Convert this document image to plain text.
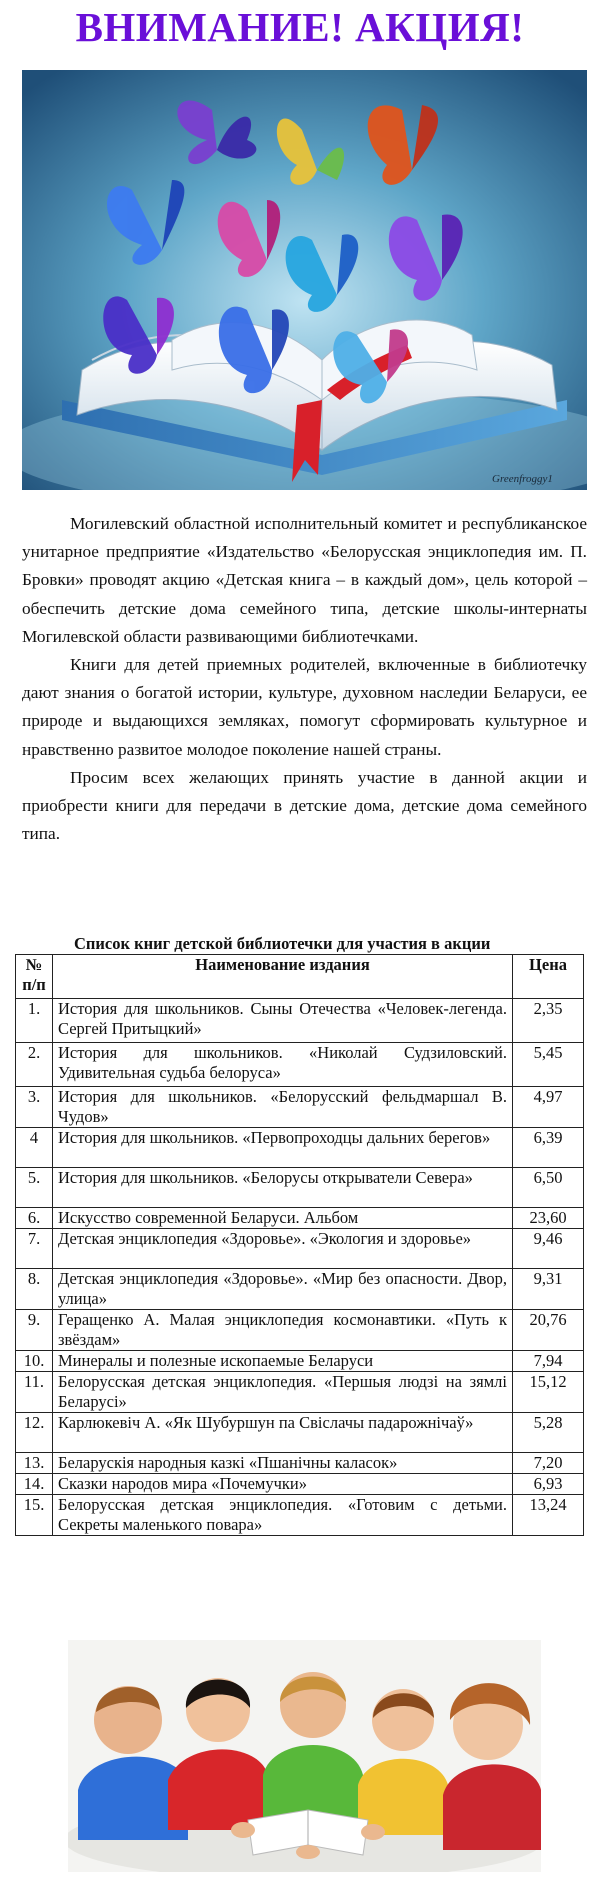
ВНИМАНИЕ! АКЦИЯ!
Greenfroggy1

Могилевский областной исполнительный комитет и республиканское унитарное предприятие «Издательство «Белорусская энциклопедия им. П. Бровки» проводят акцию «Детская книга – в каждый дом», цель которой – обеспечить детские дома семейного типа, детские школы-интернаты Могилевской области развивающими библиотечками.

Книги для детей приемных родителей, включенные в библиотечку дают знания о богатой истории, культуре, духовном наследии Беларуси, ее природе и выдающихся земляках, помогут сформировать культурное и нравственно развитое молодое поколение нашей страны.

Просим всех желающих принять участие в данной акции и приобрести книги для передачи в детские дома, детские дома семейного типа.

Список книг детской библиотечки для участия в акции
№ п/п	Наименование издания	Цена
1.	История для школьников. Сыны Отечества «Человек-легенда. Сергей Притыцкий»	2,35
2.	История для школьников. «Николай Судзиловский. Удивительная судьба белоруса»	5,45
3.	История для школьников. «Белорусский фельдмаршал В. Чудов»	4,97
4	История для школьников. «Первопроходцы дальних берегов»	6,39
5.	История для школьников. «Белорусы открыватели Севера»	6,50
6.	Искусство современной Беларуси. Альбом	23,60
7.	Детская энциклопедия «Здоровье». «Экология и здоровье»	9,46
8.	Детская энциклопедия «Здоровье». «Мир без опасности. Двор, улица»	9,31
9.	Геращенко А. Малая энциклопедия космонавтики. «Путь к звёздам»	20,76
10.	Минералы и полезные ископаемые Беларуси	7,94
11.	Белорусская детская энциклопедия. «Першыя людзі на зямлі Беларусі»	15,12
12.	Карлюкевіч А. «Як Шубуршун па Свіслачы падарожнічаў»	5,28
13.	Беларускія народныя казкі «Пшанічны каласок»	7,20
14.	Сказки народов мира «Почемучки»	6,93
15.	Белорусская детская энциклопедия. «Готовим с детьми. Секреты маленького повара»	13,24
